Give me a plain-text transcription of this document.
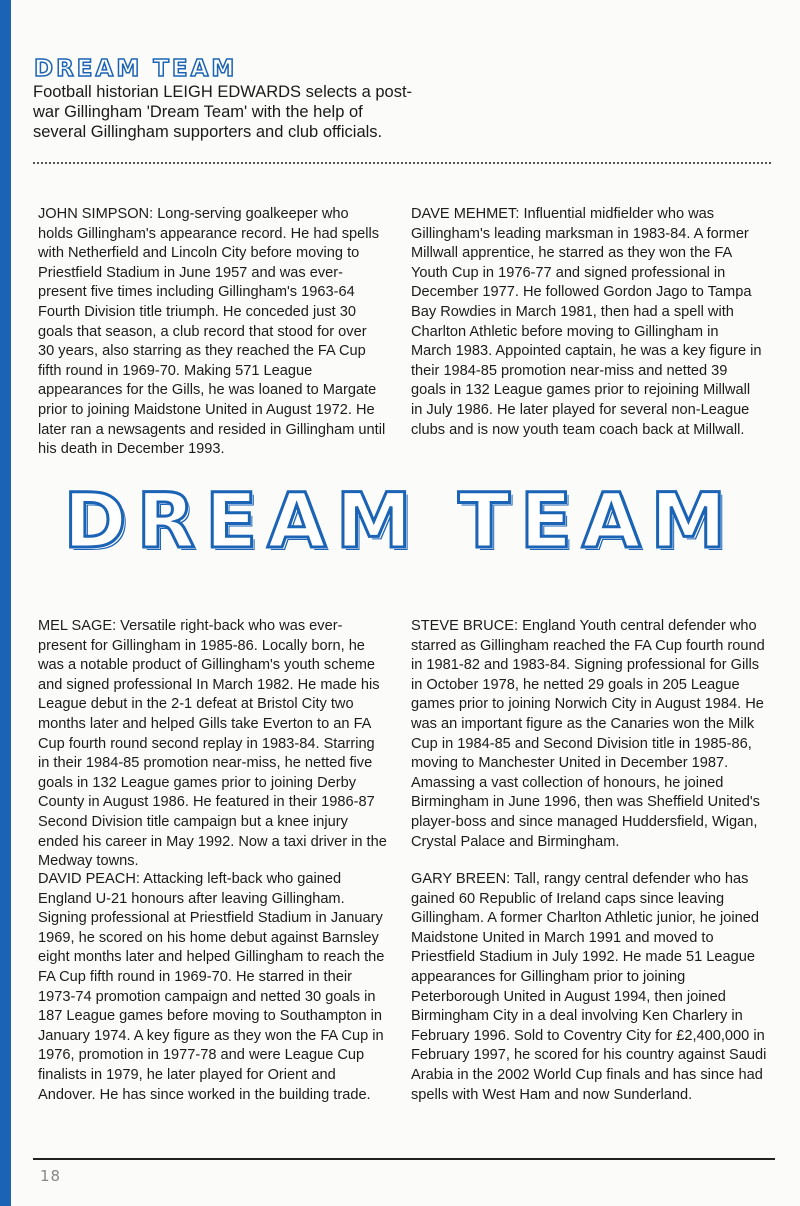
DREAM TEAM

Football historian LEIGH EDWARDS selects a post-war Gillingham 'Dream Team' with the help of several Gillingham supporters and club officials.

JOHN SIMPSON: Long-serving goalkeeper who holds Gillingham's appearance record. He had spells with Netherfield and Lincoln City before moving to Priestfield Stadium in June 1957 and was ever-present five times including Gillingham's 1963-64 Fourth Division title triumph. He conceded just 30 goals that season, a club record that stood for over 30 years, also starring as they reached the FA Cup fifth round in 1969-70. Making 571 League appearances for the Gills, he was loaned to Margate prior to joining Maidstone United in August 1972. He later ran a newsagents and resided in Gillingham until his death in December 1993.

DAVE MEHMET: Influential midfielder who was Gillingham's leading marksman in 1983-84. A former Millwall apprentice, he starred as they won the FA Youth Cup in 1976-77 and signed professional in December 1977. He followed Gordon Jago to Tampa Bay Rowdies in March 1981, then had a spell with Charlton Athletic before moving to Gillingham in March 1983. Appointed captain, he was a key figure in their 1984-85 promotion near-miss and netted 39 goals in 132 League games prior to rejoining Millwall in July 1986. He later played for several non-League clubs and is now youth team coach back at Millwall.

DREAM TEAM

MEL SAGE: Versatile right-back who was ever-present for Gillingham in 1985-86. Locally born, he was a notable product of Gillingham's youth scheme and signed professional In March 1982. He made his League debut in the 2-1 defeat at Bristol City two months later and helped Gills take Everton to an FA Cup fourth round second replay in 1983-84. Starring in their 1984-85 promotion near-miss, he netted five goals in 132 League games prior to joining Derby County in August 1986. He featured in their 1986-87 Second Division title campaign but a knee injury ended his career in May 1992. Now a taxi driver in the Medway towns.

STEVE BRUCE: England Youth central defender who starred as Gillingham reached the FA Cup fourth round in 1981-82 and 1983-84. Signing professional for Gills in October 1978, he netted 29 goals in 205 League games prior to joining Norwich City in August 1984. He was an important figure as the Canaries won the Milk Cup in 1984-85 and Second Division title in 1985-86, moving to Manchester United in December 1987. Amassing a vast collection of honours, he joined Birmingham in June 1996, then was Sheffield United's player-boss and since managed Huddersfield, Wigan, Crystal Palace and Birmingham.

DAVID PEACH: Attacking left-back who gained England U-21 honours after leaving Gillingham. Signing professional at Priestfield Stadium in January 1969, he scored on his home debut against Barnsley eight months later and helped Gillingham to reach the FA Cup fifth round in 1969-70. He starred in their 1973-74 promotion campaign and netted 30 goals in 187 League games before moving to Southampton in January 1974. A key figure as they won the FA Cup in 1976, promotion in 1977-78 and were League Cup finalists in 1979, he later played for Orient and Andover. He has since worked in the building trade.

GARY BREEN: Tall, rangy central defender who has gained 60 Republic of Ireland caps since leaving Gillingham. A former Charlton Athletic junior, he joined Maidstone United in March 1991 and moved to Priestfield Stadium in July 1992. He made 51 League appearances for Gillingham prior to joining Peterborough United in August 1994, then joined Birmingham City in a deal involving Ken Charlery in February 1996. Sold to Coventry City for £2,400,000 in February 1997, he scored for his country against Saudi Arabia in the 2002 World Cup finals and has since had spells with West Ham and now Sunderland.

18
